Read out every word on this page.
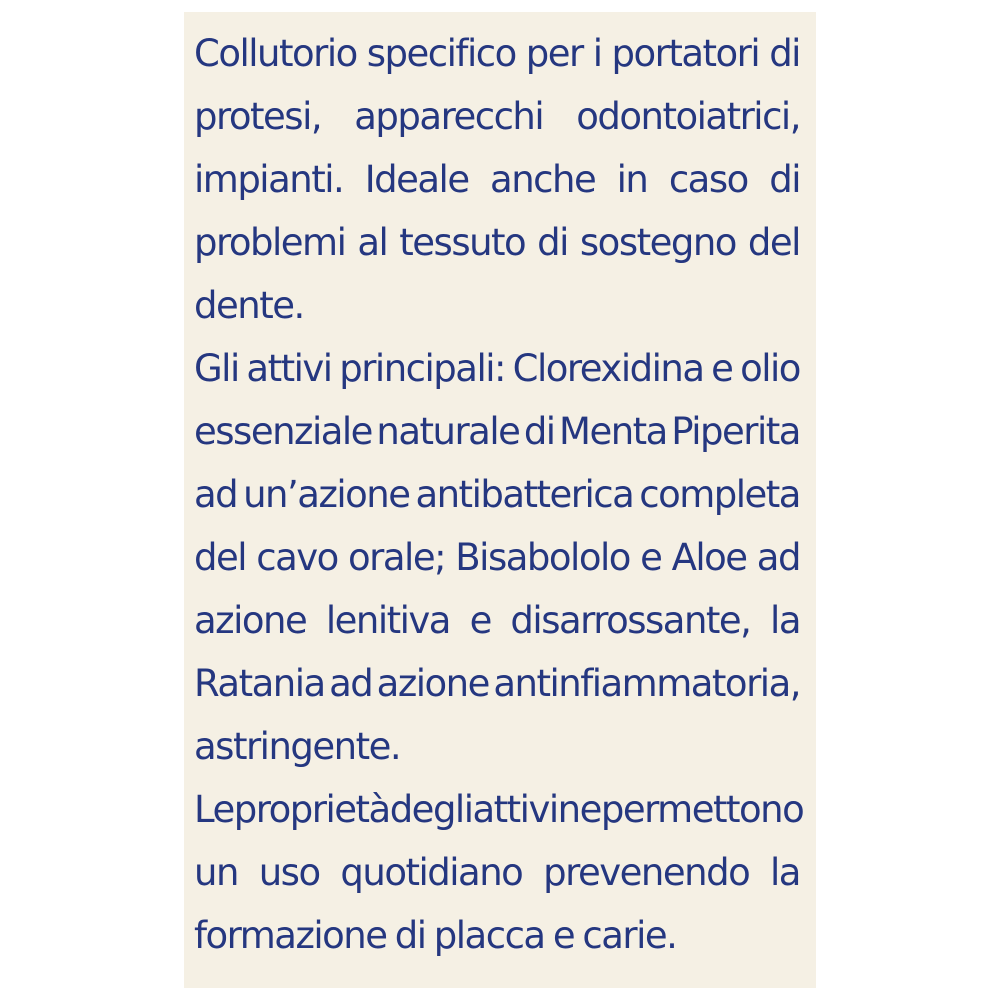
Collutorio specifico per i portatori di
protesi, apparecchi odontoiatrici,
impianti. Ideale anche in caso di
problemi al tessuto di sostegno del
dente.
Gli attivi principali: Clorexidina e olio
essenziale naturale di Menta Piperita
ad un’azione antibatterica completa
del cavo orale; Bisabololo e Aloe ad
azione lenitiva e disarrossante, la
Ratania ad azione antinfiammatoria,
astringente.
Le proprietà degli attivi ne permettono
un uso quotidiano prevenendo la
formazione di placca e carie.
